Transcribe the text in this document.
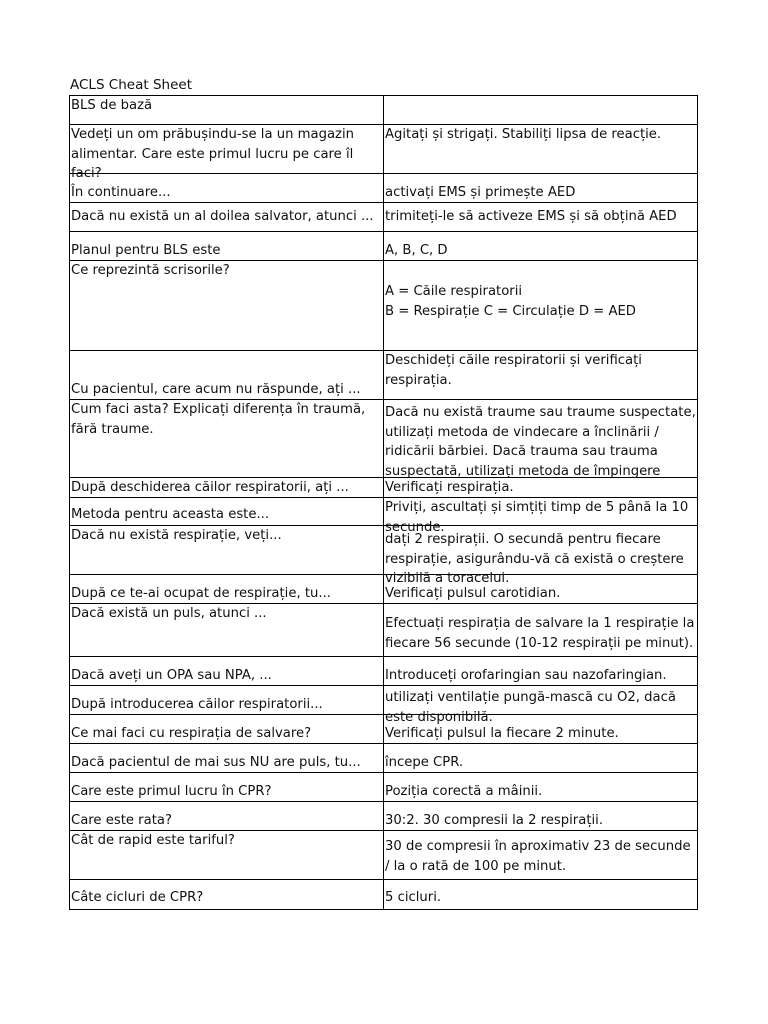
ACLS Cheat Sheet
BLS de bază	

Vedeți un om prăbușindu-se la un magazin alimentar. Care este primul lucru pe care îl faci?	Agitați și strigați. Stabiliți lipsa de reacție.

În continuare...	activați EMS și primește AED

Dacă nu există un al doilea salvator, atunci ...	trimiteți-le să activeze EMS și să obțină AED

Planul pentru BLS este	A, B, C, D

Ce reprezintă scrisorile?	A = Căile respiratorii
B = Respirație C = Circulație D = AED

Cu pacientul, care acum nu răspunde, ați ...	Deschideți căile respiratorii și verificați respirația.

Cum faci asta? Explicați diferența în traumă, fără traume.	Dacă nu există traume sau traume suspectate, utilizați metoda de vindecare a înclinării / ridicării bărbiei. Dacă trauma sau trauma suspectată, utilizați metoda de împingere

După deschiderea căilor respiratorii, ați ...	Verificați respirația.

Metoda pentru aceasta este...	Priviți, ascultați și simțiți timp de 5 până la 10 secunde.

Dacă nu există respirație, veți...	dați 2 respirații. O secundă pentru fiecare respirație, asigurându-vă că există o creștere vizibilă a toracelui.

După ce te-ai ocupat de respirație, tu...	Verificați pulsul carotidian.

Dacă există un puls, atunci ...	Efectuați respirația de salvare la 1 respirație la fiecare 56 secunde (10-12 respirații pe minut).

Dacă aveți un OPA sau NPA, ...	Introduceți orofaringian sau nazofaringian.

După introducerea căilor respiratorii...	utilizați ventilație pungă-mască cu O2, dacă este disponibilă.

Ce mai faci cu respirația de salvare?	Verificați pulsul la fiecare 2 minute.

Dacă pacientul de mai sus NU are puls, tu...	începe CPR.

Care este primul lucru în CPR?	Poziția corectă a mâinii.

Care este rata?	30:2. 30 compresii la 2 respirații.

Cât de rapid este tariful?	30 de compresii în aproximativ 23 de secunde / la o rată de 100 pe minut.

Câte cicluri de CPR?	5 cicluri.
